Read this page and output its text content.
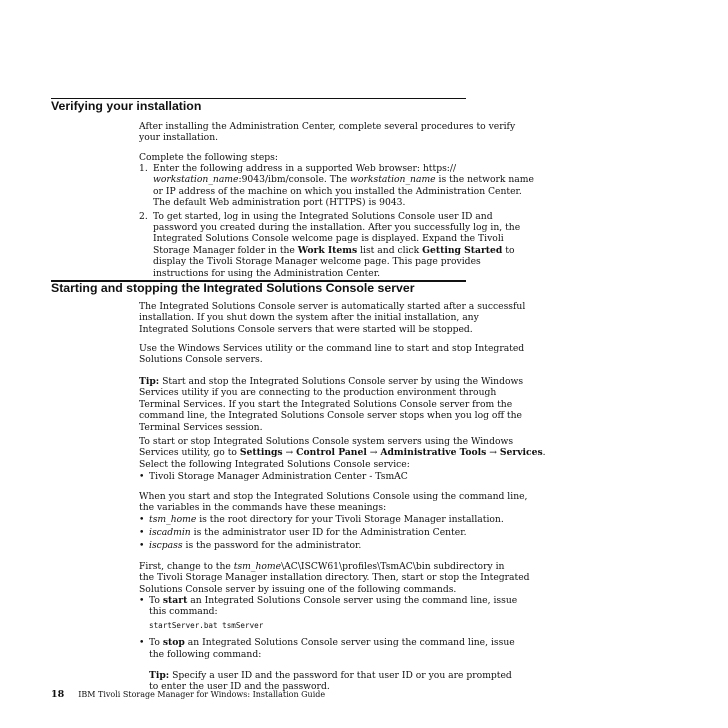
Verifying your installation
After installing the Administration Center, complete several procedures to verify
your installation.
Complete the following steps:
1. Enter the following address in a supported Web browser: https://
workstation_name:9043/ibm/console. The workstation_name is the network name
or IP address of the machine on which you installed the Administration Center.
The default Web administration port (HTTPS) is 9043.
2. To get started, log in using the Integrated Solutions Console user ID and
password you created during the installation. After you successfully log in, the
Integrated Solutions Console welcome page is displayed. Expand the Tivoli
Storage Manager folder in the Work Items list and click Getting Started to
display the Tivoli Storage Manager welcome page. This page provides
instructions for using the Administration Center.
Starting and stopping the Integrated Solutions Console server
The Integrated Solutions Console server is automatically started after a successful
installation. If you shut down the system after the initial installation, any
Integrated Solutions Console servers that were started will be stopped.
Use the Windows Services utility or the command line to start and stop Integrated
Solutions Console servers.
Tip: Start and stop the Integrated Solutions Console server by using the Windows
Services utility if you are connecting to the production environment through
Terminal Services. If you start the Integrated Solutions Console server from the
command line, the Integrated Solutions Console server stops when you log off the
Terminal Services session.
To start or stop Integrated Solutions Console system servers using the Windows
Services utility, go to Settings → Control Panel → Administrative Tools → Services.
Select the following Integrated Solutions Console service:
• Tivoli Storage Manager Administration Center - TsmAC
When you start and stop the Integrated Solutions Console using the command line,
the variables in the commands have these meanings:
• tsm_home is the root directory for your Tivoli Storage Manager installation.
• iscadmin is the administrator user ID for the Administration Center.
• iscpass is the password for the administrator.
First, change to the tsm_home\AC\ISCW61\profiles\TsmAC\bin subdirectory in
the Tivoli Storage Manager installation directory. Then, start or stop the Integrated
Solutions Console server by issuing one of the following commands.
• To start an Integrated Solutions Console server using the command line, issue
this command:
startServer.bat tsmServer
• To stop an Integrated Solutions Console server using the command line, issue
the following command:
Tip: Specify a user ID and the password for that user ID or you are prompted
to enter the user ID and the password.
18 IBM Tivoli Storage Manager for Windows: Installation Guide
